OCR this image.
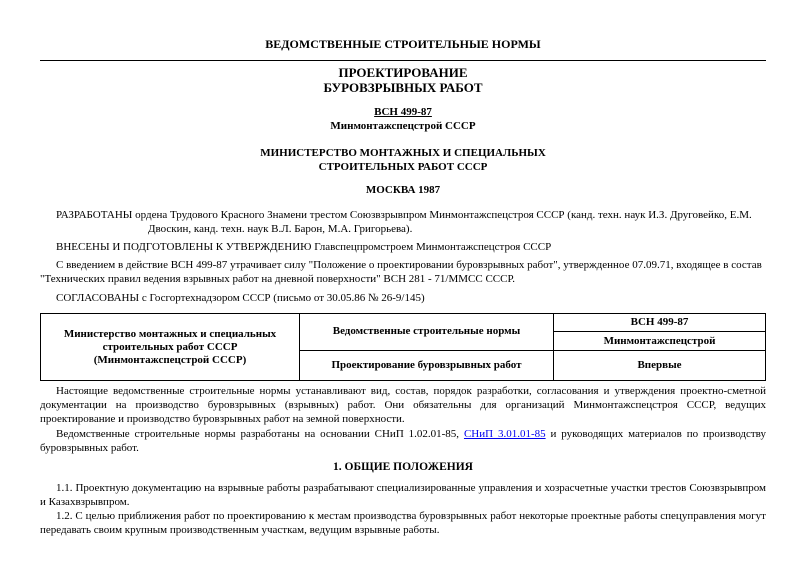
ВЕДОМСТВЕННЫЕ СТРОИТЕЛЬНЫЕ НОРМЫ
ПРОЕКТИРОВАНИЕ
БУРОВЗРЫВНЫХ РАБОТ
ВСН 499-87
Минмонтажспецстрой СССР
МИНИСТЕРСТВО МОНТАЖНЫХ И СПЕЦИАЛЬНЫХ
СТРОИТЕЛЬНЫХ РАБОТ СССР
МОСКВА 1987

РАЗРАБОТАНЫ ордена Трудового Красного Знамени трестом Союзвзрывпром Минмонтажспецстроя СССР (канд. техн. наук И.З. Друговейко, Е.М.

Двоскин, канд. техн. наук В.Л. Барон, М.А. Григорьева).

ВНЕСЕНЫ И ПОДГОТОВЛЕНЫ К УТВЕРЖДЕНИЮ Главспецпромстроем Минмонтажспецстроя СССР

С введением в действие ВСН 499-87 утрачивает силу "Положение о проектировании буровзрывных работ", утвержденное 07.09.71, входящее в состав "Технических правил ведения взрывных работ на дневной поверхности" ВСН 281 - 71/ММСС СССР.

СОГЛАСОВАНЫ с Госгортехнадзором СССР (письмо от 30.05.86 № 26-9/145)

Министерство монтажных и специальных
строительных работ СССР
(Минмонтажспецстрой СССР)	Ведомственные строительные нормы	ВСН 499-87
		Минмонтажспецстрой
	Проектирование буровзрывных работ	Впервые

Настоящие ведомственные строительные нормы устанавливают вид, состав, порядок разработки, согласования и утверждения проектно-сметной документации на производство буровзрывных (взрывных) работ. Они обязательны для организаций Минмонтажспецстроя СССР, ведущих проектирование и производство буровзрывных работ на земной поверхности.

Ведомственные строительные нормы разработаны на основании СНиП 1.02.01-85, СНиП 3.01.01-85 и руководящих материалов по производству буровзрывных работ.

1. ОБЩИЕ ПОЛОЖЕНИЯ

1.1. Проектную документацию на взрывные работы разрабатывают специализированные управления и хозрасчетные участки трестов Союзвзрывпром и Казахвзрывпром.

1.2. С целью приближения работ по проектированию к местам производства буровзрывных работ некоторые проектные работы спецуправления могут передавать своим крупным производственным участкам, ведущим взрывные работы.
